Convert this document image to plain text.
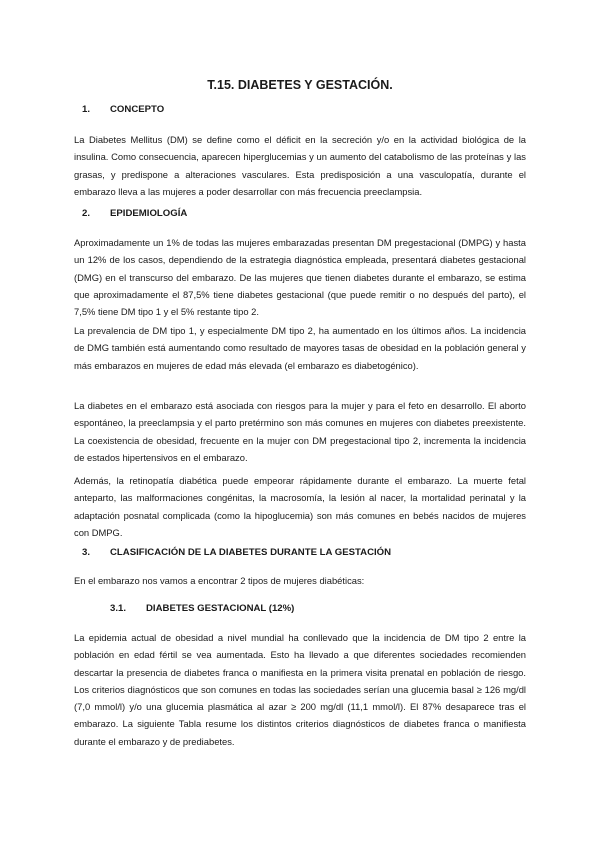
T.15. DIABETES Y GESTACIÓN.
1. CONCEPTO

La Diabetes Mellitus (DM) se define como el déficit en la secreción y/o en la actividad biológica de la insulina. Como consecuencia, aparecen hiperglucemias y un aumento del catabolismo de las proteínas y las grasas, y predispone a alteraciones vasculares. Esta predisposición a una vasculopatía, durante el embarazo lleva a las mujeres a poder desarrollar con más frecuencia preeclampsia.

2. EPIDEMIOLOGÍA

Aproximadamente un 1% de todas las mujeres embarazadas presentan DM pregestacional (DMPG) y hasta un 12% de los casos, dependiendo de la estrategia diagnóstica empleada, presentará diabetes gestacional (DMG) en el transcurso del embarazo. De las mujeres que tienen diabetes durante el embarazo, se estima que aproximadamente el 87,5% tiene diabetes gestacional (que puede remitir o no después del parto), el 7,5% tiene DM tipo 1 y el 5% restante tipo 2.

La prevalencia de DM tipo 1, y especialmente DM tipo 2, ha aumentado en los últimos años. La incidencia de DMG también está aumentando como resultado de mayores tasas de obesidad en la población general y más embarazos en mujeres de edad más elevada (el embarazo es diabetogénico).

La diabetes en el embarazo está asociada con riesgos para la mujer y para el feto en desarrollo. El aborto espontáneo, la preeclampsia y el parto pretérmino son más comunes en mujeres con diabetes preexistente. La coexistencia de obesidad, frecuente en la mujer con DM pregestacional tipo 2, incrementa la incidencia de estados hipertensivos en el embarazo.

Además, la retinopatía diabética puede empeorar rápidamente durante el embarazo. La muerte fetal anteparto, las malformaciones congénitas, la macrosomía, la lesión al nacer, la mortalidad perinatal y la adaptación posnatal complicada (como la hipoglucemia) son más comunes en bebés nacidos de mujeres con DMPG.

3. CLASIFICACIÓN DE LA DIABETES DURANTE LA GESTACIÓN

En el embarazo nos vamos a encontrar 2 tipos de mujeres diabéticas:

3.1. DIABETES GESTACIONAL (12%)

La epidemia actual de obesidad a nivel mundial ha conllevado que la incidencia de DM tipo 2 entre la población en edad fértil se vea aumentada. Esto ha llevado a que diferentes sociedades recomienden descartar la presencia de diabetes franca o manifiesta en la primera visita prenatal en población de riesgo. Los criterios diagnósticos que son comunes en todas las sociedades serían una glucemia basal ≥ 126 mg/dl (7,0 mmol/l) y/o una glucemia plasmática al azar ≥ 200 mg/dl (11,1 mmol/l). El 87% desaparece tras el embarazo. La siguiente Tabla resume los distintos criterios diagnósticos de diabetes franca o manifiesta durante el embarazo y de prediabetes.
